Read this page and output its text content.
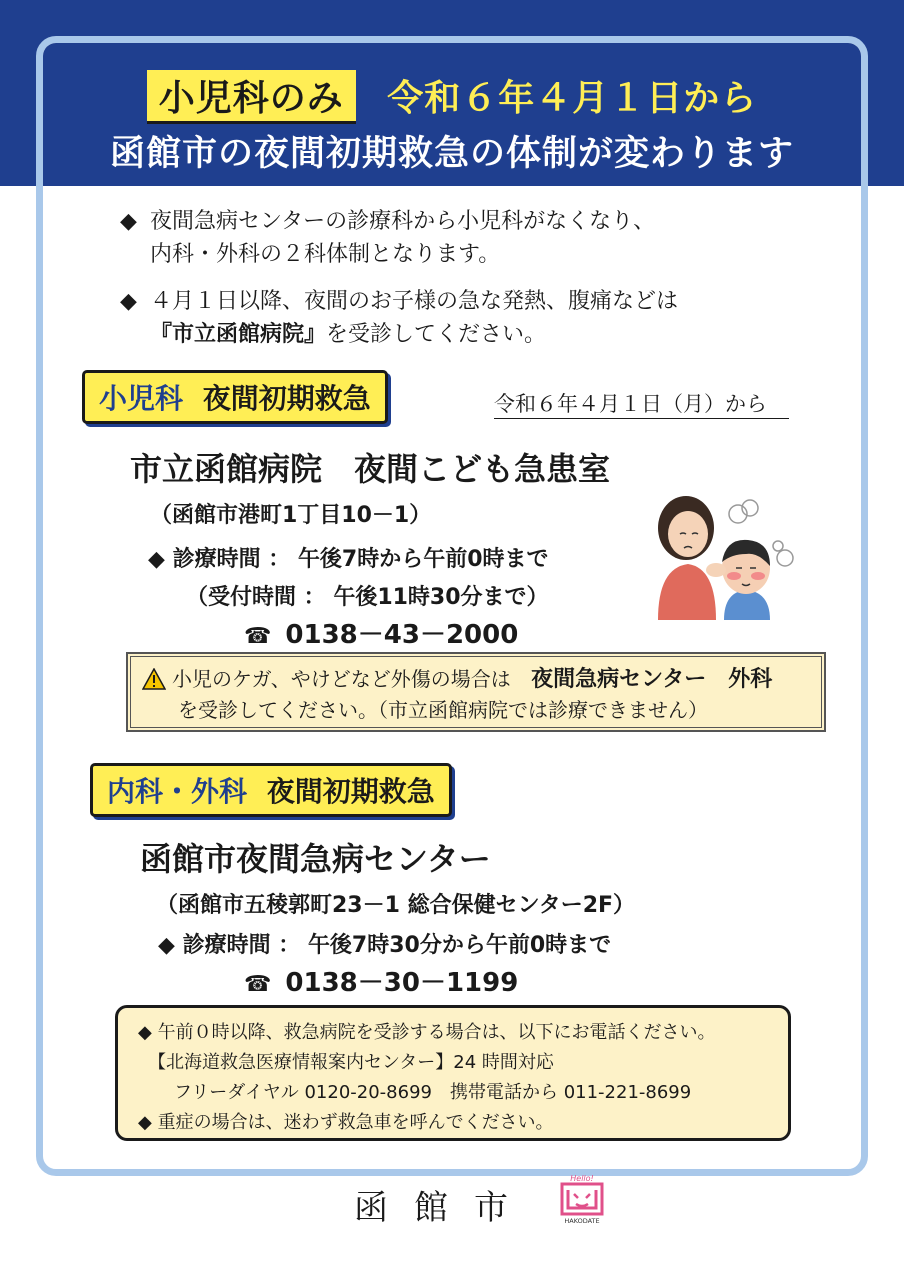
小児科のみ 令和６年４月１日から
函館市の夜間初期救急の体制が変わります
◆ 夜間急病センターの診療科から小児科がなくなり、
内科・外科の２科体制となります。
◆ ４月１日以降、夜間のお子様の急な発熱、腹痛などは
『市立函館病院』を受診してください。
小児科 夜間初期救急	令和６年４月１日（月）から
市立函館病院　夜間こども急患室
（函館市港町1丁目10－1）
◆ 診療時間 ： 午後7時から午前0時まで
（受付時間 ： 午後11時30分まで）
☎ 0138－43－2000
小児のケガ、やけどなど外傷の場合は 夜間急病センター　外科
を受診してください。（市立函館病院では診療できません）
内科・外科 夜間初期救急
函館市夜間急病センター
（函館市五稜郭町23－1 総合保健センター2F）
◆ 診療時間 ： 午後7時30分から午前0時まで
☎ 0138－30－1199
◆ 午前０時以降、救急病院を受診する場合は、以下にお電話ください。
【北海道救急医療情報案内センター】24 時間対応
フリーダイヤル 0120-20-8699　携帯電話から 011-221-8699
◆ 重症の場合は、迷わず救急車を呼んでください。
函館市
Hello!
HAKODATE
